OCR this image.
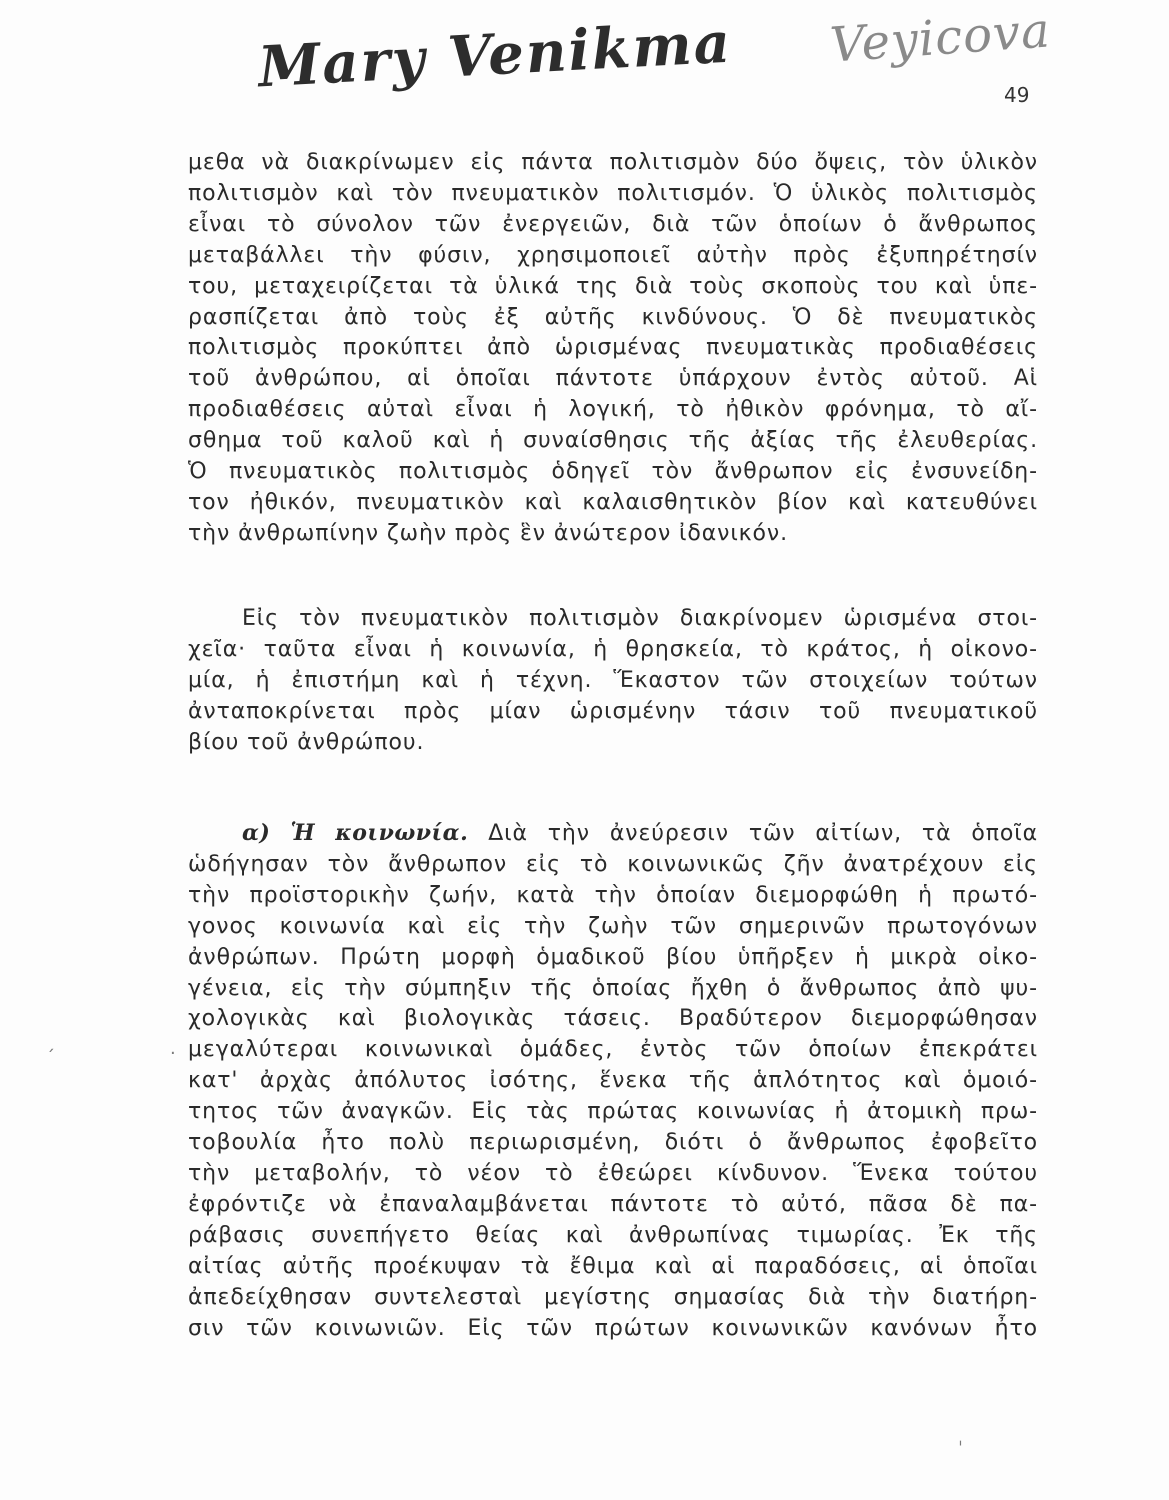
Mary Venikma Veyicova
49
μεθα νὰ διακρίνωμεν εἰς πάντα πολιτισμὸν δύο ὄψεις, τὸν ὑλικὸν
πολιτισμὸν καὶ τὸν πνευματικὸν πολιτισμόν. Ὁ ὑλικὸς πολιτισμὸς
εἶναι τὸ σύνολον τῶν ἐνεργειῶν, διὰ τῶν ὁποίων ὁ ἄνθρωπος
μεταβάλλει τὴν φύσιν, χρησιμοποιεῖ αὐτὴν πρὸς ἐξυπηρέτησίν
του, μεταχειρίζεται τὰ ὑλικά της διὰ τοὺς σκοποὺς του καὶ ὑπε-
ρασπίζεται ἀπὸ τοὺς ἐξ αὐτῆς κινδύνους. Ὁ δὲ πνευματικὸς
πολιτισμὸς προκύπτει ἀπὸ ὡρισμένας πνευματικὰς προδιαθέσεις
τοῦ ἀνθρώπου, αἱ ὁποῖαι πάντοτε ὑπάρχουν ἐντὸς αὐτοῦ. Αἱ
προδιαθέσεις αὐταὶ εἶναι ἡ λογική, τὸ ἠθικὸν φρόνημα, τὸ αἴ-
σθημα τοῦ καλοῦ καὶ ἡ συναίσθησις τῆς ἀξίας τῆς ἐλευθερίας.
Ὁ πνευματικὸς πολιτισμὸς ὁδηγεῖ τὸν ἄνθρωπον εἰς ἐνσυνείδη-
τον ἠθικόν, πνευματικὸν καὶ καλαισθητικὸν βίον καὶ κατευθύνει
τὴν ἀνθρωπίνην ζωὴν πρὸς ἓν ἀνώτερον ἰδανικόν.
Εἰς τὸν πνευματικὸν πολιτισμὸν διακρίνομεν ὡρισμένα στοι-
χεῖα· ταῦτα εἶναι ἡ κοινωνία, ἡ θρησκεία, τὸ κράτος, ἡ οἰκονο-
μία, ἡ ἐπιστήμη καὶ ἡ τέχνη. Ἕκαστον τῶν στοιχείων τούτων
ἀνταποκρίνεται πρὸς μίαν ὡρισμένην τάσιν τοῦ πνευματικοῦ
βίου τοῦ ἀνθρώπου.
α) Ἡ κοινωνία. Διὰ τὴν ἀνεύρεσιν τῶν αἰτίων, τὰ ὁποῖα
ὡδήγησαν τὸν ἄνθρωπον εἰς τὸ κοινωνικῶς ζῆν ἀνατρέχουν εἰς
τὴν προϊστορικὴν ζωήν, κατὰ τὴν ὁποίαν διεμορφώθη ἡ πρωτό-
γονος κοινωνία καὶ εἰς τὴν ζωὴν τῶν σημερινῶν πρωτογόνων
ἀνθρώπων. Πρώτη μορφὴ ὁμαδικοῦ βίου ὑπῆρξεν ἡ μικρὰ οἰκο-
γένεια, εἰς τὴν σύμπηξιν τῆς ὁποίας ἤχθη ὁ ἄνθρωπος ἀπὸ ψυ-
χολογικὰς καὶ βιολογικὰς τάσεις. Βραδύτερον διεμορφώθησαν
μεγαλύτεραι κοινωνικαὶ ὁμάδες, ἐντὸς τῶν ὁποίων ἐπεκράτει
κατ' ἀρχὰς ἀπόλυτος ἰσότης, ἕνεκα τῆς ἁπλότητος καὶ ὁμοιό-
τητος τῶν ἀναγκῶν. Εἰς τὰς πρώτας κοινωνίας ἡ ἀτομικὴ πρω-
τοβουλία ἦτο πολὺ περιωρισμένη, διότι ὁ ἄνθρωπος ἐφοβεῖτο
τὴν μεταβολήν, τὸ νέον τὸ ἐθεώρει κίνδυνον. Ἕνεκα τούτου
ἐφρόντιζε νὰ ἐπαναλαμβάνεται πάντοτε τὸ αὐτό, πᾶσα δὲ πα-
ράβασις συνεπήγετο θείας καὶ ἀνθρωπίνας τιμωρίας. Ἐκ τῆς
αἰτίας αὐτῆς προέκυψαν τὰ ἔθιμα καὶ αἱ παραδόσεις, αἱ ὁποῖαι
ἀπεδείχθησαν συντελεσταὶ μεγίστης σημασίας διὰ τὴν διατήρη-
σιν τῶν κοινωνιῶν. Εἰς τῶν πρώτων κοινωνικῶν κανόνων ἦτο
ˏ
·
ˈ
